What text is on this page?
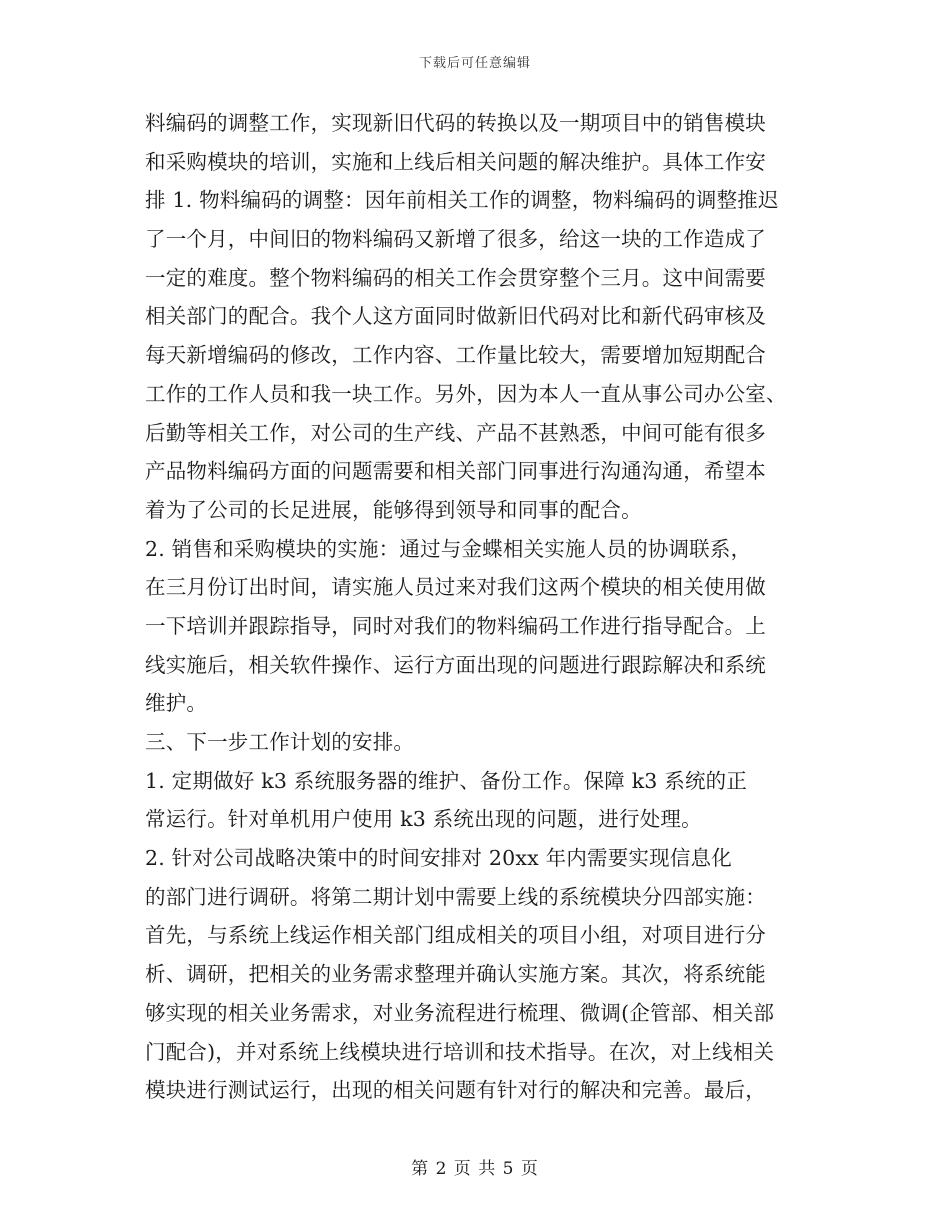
下载后可任意编辑
料编码的调整工作，实现新旧代码的转换以及一期项目中的销售模块
和采购模块的培训，实施和上线后相关问题的解决维护。具体工作安
排 1. 物料编码的调整：因年前相关工作的调整，物料编码的调整推迟
了一个月，中间旧的物料编码又新增了很多，给这一块的工作造成了
一定的难度。整个物料编码的相关工作会贯穿整个三月。这中间需要
相关部门的配合。我个人这方面同时做新旧代码对比和新代码审核及
每天新增编码的修改，工作内容、工作量比较大，需要增加短期配合
工作的工作人员和我一块工作。另外，因为本人一直从事公司办公室、
后勤等相关工作，对公司的生产线、产品不甚熟悉，中间可能有很多
产品物料编码方面的问题需要和相关部门同事进行沟通沟通，希望本
着为了公司的长足进展，能够得到领导和同事的配合。
2. 销售和采购模块的实施：通过与金蝶相关实施人员的协调联系，
在三月份订出时间，请实施人员过来对我们这两个模块的相关使用做
一下培训并跟踪指导，同时对我们的物料编码工作进行指导配合。上
线实施后，相关软件操作、运行方面出现的问题进行跟踪解决和系统
维护。
三、下一步工作计划的安排。
1. 定期做好 k3 系统服务器的维护、备份工作。保障 k3 系统的正
常运行。针对单机用户使用 k3 系统出现的问题，进行处理。
2. 针对公司战略决策中的时间安排对 20xx 年内需要实现信息化
的部门进行调研。将第二期计划中需要上线的系统模块分四部实施：
首先，与系统上线运作相关部门组成相关的项目小组，对项目进行分
析、调研，把相关的业务需求整理并确认实施方案。其次，将系统能
够实现的相关业务需求，对业务流程进行梳理、微调(企管部、相关部
门配合)，并对系统上线模块进行培训和技术指导。在次，对上线相关
模块进行测试运行，出现的相关问题有针对行的解决和完善。最后，
第 2 页 共 5 页
